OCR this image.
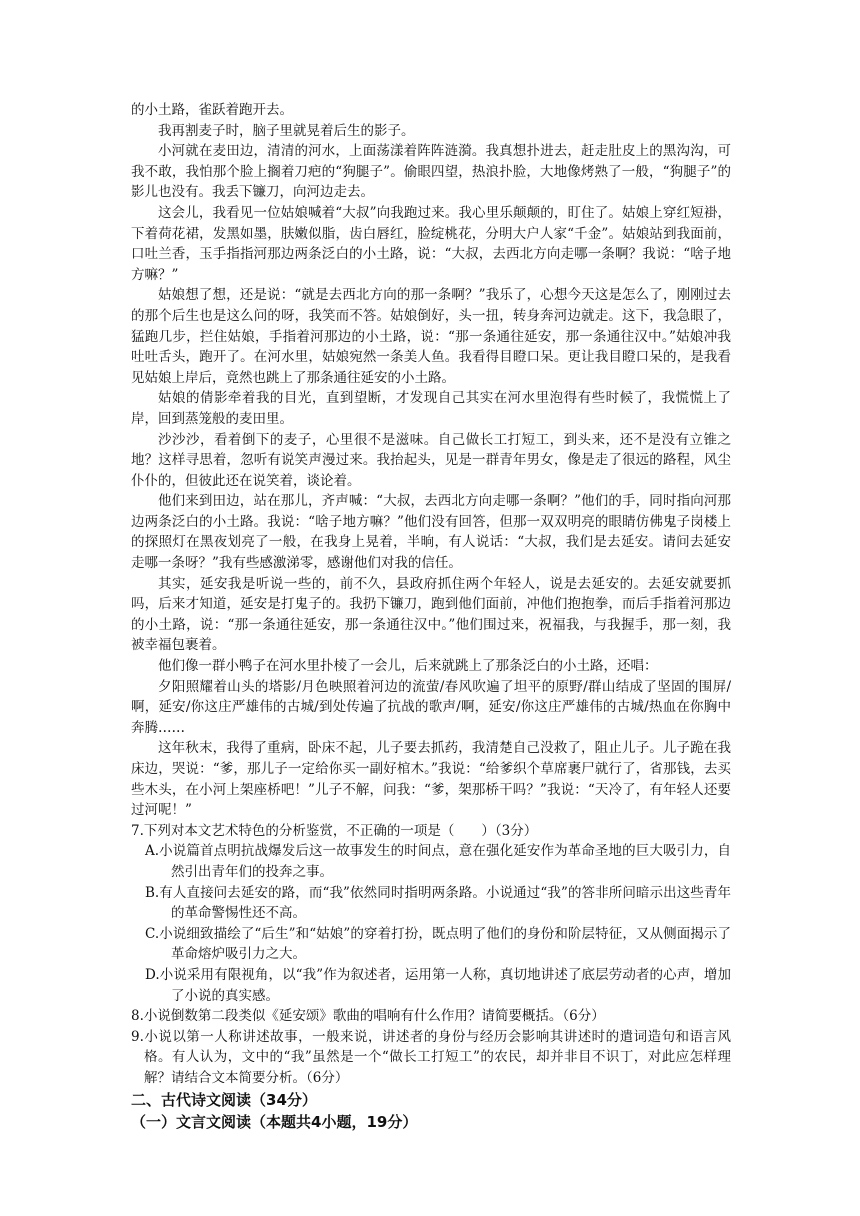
的小土路，雀跃着跑开去。

我再割麦子时，脑子里就晃着后生的影子。

小河就在麦田边，清清的河水，上面荡漾着阵阵涟漪。我真想扑进去，赶走肚皮上的黑沟沟，可我不敢，我怕那个脸上搁着刀疤的“狗腿子”。偷眼四望，热浪扑脸，大地像烤熟了一般，“狗腿子”的影儿也没有。我丢下镰刀，向河边走去。

这会儿，我看见一位姑娘喊着“大叔”向我跑过来。我心里乐颠颠的，盯住了。姑娘上穿红短褂，下着荷花裙，发黑如墨，肤嫩似脂，齿白唇红，脸绽桃花，分明大户人家“千金”。姑娘站到我面前，口吐兰香，玉手指指河那边两条泛白的小土路，说：“大叔，去西北方向走哪一条啊？我说：“啥子地方嘛？”

姑娘想了想，还是说：“就是去西北方向的那一条啊？”我乐了，心想今天这是怎么了，刚刚过去的那个后生也是这么问的呀，我笑而不答。姑娘倒好，头一扭，转身奔河边就走。这下，我急眼了，猛跑几步，拦住姑娘，手指着河那边的小土路，说：“那一条通往延安，那一条通往汉中。”姑娘冲我吐吐舌头，跑开了。在河水里，姑娘宛然一条美人鱼。我看得目瞪口呆。更让我目瞪口呆的，是我看见姑娘上岸后，竟然也跳上了那条通往延安的小土路。

姑娘的倩影牵着我的目光，直到望断，才发现自己其实在河水里泡得有些时候了，我慌慌上了岸，回到蒸笼般的麦田里。

沙沙沙，看着倒下的麦子，心里很不是滋味。自己做长工打短工，到头来，还不是没有立锥之地？这样寻思着，忽听有说笑声漫过来。我抬起头，见是一群青年男女，像是走了很远的路程，风尘仆仆的，但彼此还在说笑着，谈论着。

他们来到田边，站在那儿，齐声喊：“大叔，去西北方向走哪一条啊？”他们的手，同时指向河那边两条泛白的小土路。我说：“啥子地方嘛？”他们没有回答，但那一双双明亮的眼睛仿佛鬼子岗楼上的探照灯在黑夜划亮了一般，在我身上晃着，半晌，有人说话：“大叔，我们是去延安。请问去延安走哪一条呀？”我有些感激涕零，感谢他们对我的信任。

其实，延安我是听说一些的，前不久，县政府抓住两个年轻人，说是去延安的。去延安就要抓吗，后来才知道，延安是打鬼子的。我扔下镰刀，跑到他们面前，冲他们抱抱拳，而后手指着河那边的小土路，说：“那一条通往延安，那一条通往汉中。”他们围过来，祝福我，与我握手，那一刻，我被幸福包裹着。

他们像一群小鸭子在河水里扑棱了一会儿，后来就跳上了那条泛白的小土路，还唱：

夕阳照耀着山头的塔影/月色映照着河边的流萤/春风吹遍了坦平的原野/群山结成了坚固的围屏/啊，延安/你这庄严雄伟的古城/到处传遍了抗战的歌声/啊，延安/你这庄严雄伟的古城/热血在你胸中奔腾……

这年秋末，我得了重病，卧床不起，儿子要去抓药，我清楚自己没救了，阻止儿子。儿子跪在我床边，哭说：“爹，那儿子一定给你买一副好棺木。”我说：“给爹织个草席裹尸就行了，省那钱，去买些木头，在小河上架座桥吧！”儿子不解，问我：“爹，架那桥干吗？”我说：“天冷了，有年轻人还要过河呢！”

7.下列对本文艺术特色的分析鉴赏，不正确的一项是（　　）（3分）

A.小说篇首点明抗战爆发后这一故事发生的时间点，意在强化延安作为革命圣地的巨大吸引力，自然引出青年们的投奔之事。

B.有人直接问去延安的路，而“我”依然同时指明两条路。小说通过“我”的答非所问暗示出这些青年的革命警惕性还不高。

C.小说细致描绘了“后生”和“姑娘”的穿着打扮，既点明了他们的身份和阶层特征，又从侧面揭示了革命熔炉吸引力之大。

D.小说采用有限视角，以“我”作为叙述者，运用第一人称，真切地讲述了底层劳动者的心声，增加了小说的真实感。

8.小说倒数第二段类似《延安颂》歌曲的唱响有什么作用？请简要概括。（6分）

9.小说以第一人称讲述故事，一般来说，讲述者的身份与经历会影响其讲述时的遣词造句和语言风格。有人认为，文中的“我”虽然是一个“做长工打短工”的农民，却并非目不识丁，对此应怎样理解？请结合文本简要分析。（6分）

二、古代诗文阅读（34分）

（一）文言文阅读（本题共4小题，19分）
